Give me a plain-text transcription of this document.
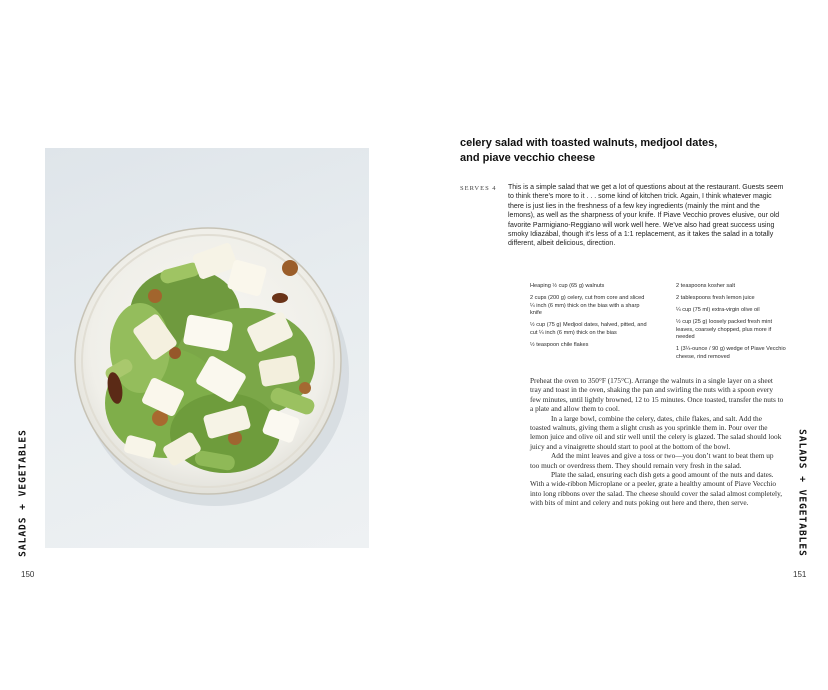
SALADS + VEGETABLES
150
celery salad with toasted walnuts, medjool dates,
and piave vecchio cheese
SERVES 4 This is a simple salad that we get a lot of questions about at the restaurant. Guests seem to think there’s more to it . . . some kind of kitchen trick. Again, I think whatever magic there is just lies in the freshness of a few key ingredients (mainly the mint and the lemons), as well as the sharpness of your knife. If Piave Vecchio proves elusive, our old favorite Parmigiano-Reggiano will work well here. We’ve also had great success using smoky Idiazábal, though it’s less of a 1:1 replacement, as it takes the salad in a totally different, albeit delicious, direction.
Heaping ½ cup (65 g) walnuts
2 cups (200 g) celery, cut from core and sliced ¼ inch (6 mm) thick on the bias with a sharp knife
½ cup (75 g) Medjool dates, halved, pitted, and cut ¼ inch (6 mm) thick on the bias
½ teaspoon chile flakes
2 teaspoons kosher salt
2 tablespoons fresh lemon juice
¼ cup (75 ml) extra-virgin olive oil
½ cup (25 g) loosely packed fresh mint leaves, coarsely chopped, plus more if needed
1 (3¼-ounce / 90 g) wedge of Piave Vecchio cheese, rind removed

Preheat the oven to 350°F (175°C). Arrange the walnuts in a single layer on a sheet tray and toast in the oven, shaking the pan and swirling the nuts with a spoon every few minutes, until lightly browned, 12 to 15 minutes. Once toasted, transfer the nuts to a plate and allow them to cool.

In a large bowl, combine the celery, dates, chile flakes, and salt. Add the toasted walnuts, giving them a slight crush as you sprinkle them in. Pour over the lemon juice and olive oil and stir well until the celery is glazed. The salad should look juicy and a vinaigrette should start to pool at the bottom of the bowl.

Add the mint leaves and give a toss or two—you don’t want to beat them up too much or overdress them. They should remain very fresh in the salad.

Plate the salad, ensuring each dish gets a good amount of the nuts and dates. With a wide-ribbon Microplane or a peeler, grate a healthy amount of Piave Vecchio into long ribbons over the salad. The cheese should cover the salad almost completely, with bits of mint and celery and nuts poking out here and there, then serve.	SALADS + VEGETABLES
151
